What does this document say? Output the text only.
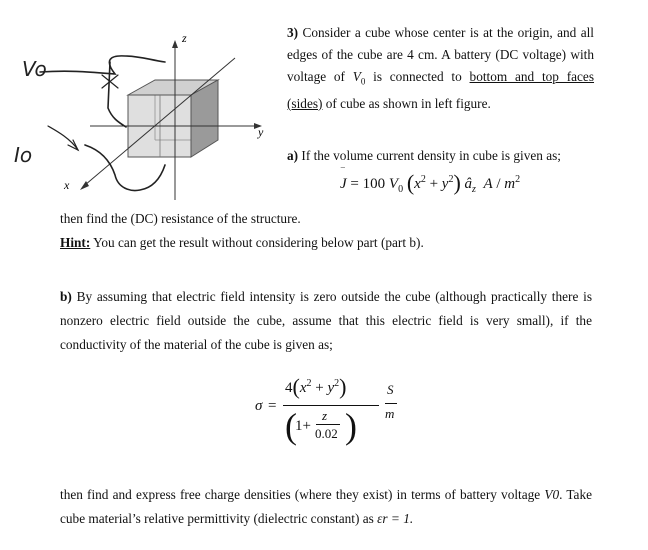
z
y
x
Vo
Io
3) Consider a cube whose center is at the origin, and all
edges of the cube are 4 cm. A battery (DC voltage) with
voltage of $V_0$ is connected to bottom and top faces
(sides) of cube as shown in left figure.
a) If the volume current density in cube is given as;
J
‾
= 100 $V_0$ $(x^2 + y^2)$ $â_z$ A / $m^2$
then find the (DC) resistance of the structure.
Hint: You can get the result without considering below part (part b).
b) By assuming that electric field intensity is zero outside the cube (although practically there is
nonzero electric field outside the cube, assume that this electric field is very small), if the
conductivity of the material of the cube is given as;
σ =
$4(x^2 + y^2)$
(
1+
z
0.02 )
S
m
then find and express free charge densities (where they exist) in terms of battery voltage V0. Take
cube material’s relative permittivity (dielectric constant) as εr = 1.
